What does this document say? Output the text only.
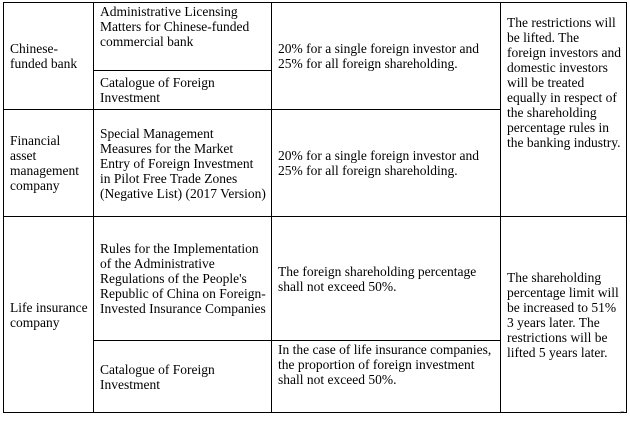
Chinese-funded bank	Administrative Licensing Matters for Chinese-funded commercial bank	20% for a single foreign investor and 25% for all foreign shareholding.	The restrictions will be lifted. The foreign investors and domestic investors will be treated equally in respect of the shareholding percentage rules in the banking industry.
	Catalogue of Foreign Investment		
Financial asset management company	Special Management Measures for the Market Entry of Foreign Investment in Pilot Free Trade Zones (Negative List) (2017 Version)	20% for a single foreign investor and 25% for all foreign shareholding.	
Life insurance company	Rules for the Implementation of the Administrative Regulations of the People's Republic of China on Foreign-Invested Insurance Companies	The foreign shareholding percentage shall not exceed 50%.	The shareholding percentage limit will be increased to 51% 3 years later. The restrictions will be lifted 5 years later.
	Catalogue of Foreign Investment	In the case of life insurance companies, the proportion of foreign investment shall not exceed 50%.	
⌐
